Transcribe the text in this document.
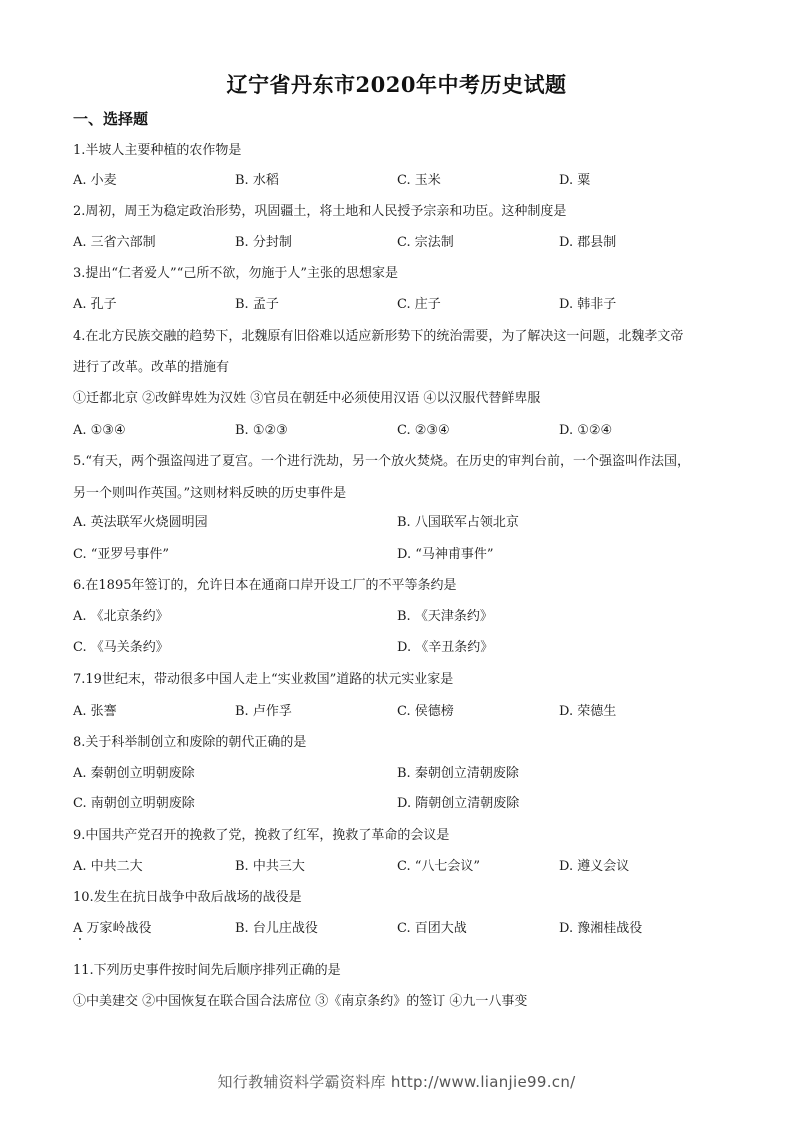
辽宁省丹东市2020年中考历史试题
一、选择题
1.半坡人主要种植的农作物是
A. 小麦	B. 水稻	C. 玉米	D. 粟
2.周初，周王为稳定政治形势，巩固疆土，将土地和人民授予宗亲和功臣。这种制度是
A. 三省六部制	B. 分封制	C. 宗法制	D. 郡县制
3.提出“仁者爱人”“己所不欲，勿施于人”主张的思想家是
A. 孔子	B. 孟子	C. 庄子	D. 韩非子
4.在北方民族交融的趋势下，北魏原有旧俗难以适应新形势下的统治需要，为了解决这一问题，北魏孝文帝
进行了改革。改革的措施有
①迁都北京 ②改鲜卑姓为汉姓 ③官员在朝廷中必须使用汉语 ④以汉服代替鲜卑服
A. ①③④	B. ①②③	C. ②③④	D. ①②④
5.“有天，两个强盗闯进了夏宫。一个进行洗劫，另一个放火焚烧。在历史的审判台前，一个强盗叫作法国，
另一个则叫作英国。”这则材料反映的历史事件是
A. 英法联军火烧圆明园	B. 八国联军占领北京
C. “亚罗号事件”	D. “马神甫事件”
6.在1895年签订的，允许日本在通商口岸开设工厂的不平等条约是
A. 《北京条约》	B. 《天津条约》
C. 《马关条约》	D. 《辛丑条约》
7.19世纪末，带动很多中国人走上“实业救国”道路的状元实业家是
A. 张謇	B. 卢作孚	C. 侯德榜	D. 荣德生
8.关于科举制创立和废除的朝代正确的是
A. 秦朝创立明朝废除	B. 秦朝创立清朝废除
C. 南朝创立明朝废除	D. 隋朝创立清朝废除
9.中国共产党召开的挽救了党，挽救了红军，挽救了革命的会议是
A. 中共二大	B. 中共三大	C. “八七会议”	D. 遵义会议
10.发生在抗日战争中敌后战场的战役是
A 万家岭战役	B. 台儿庄战役	C. 百团大战	D. 豫湘桂战役
11.下列历史事件按时间先后顺序排列正确的是
①中美建交 ②中国恢复在联合国合法席位 ③《南京条约》的签订 ④九一八事变
知行教辅资料学霸资料库 http://www.lianjie99.cn/
